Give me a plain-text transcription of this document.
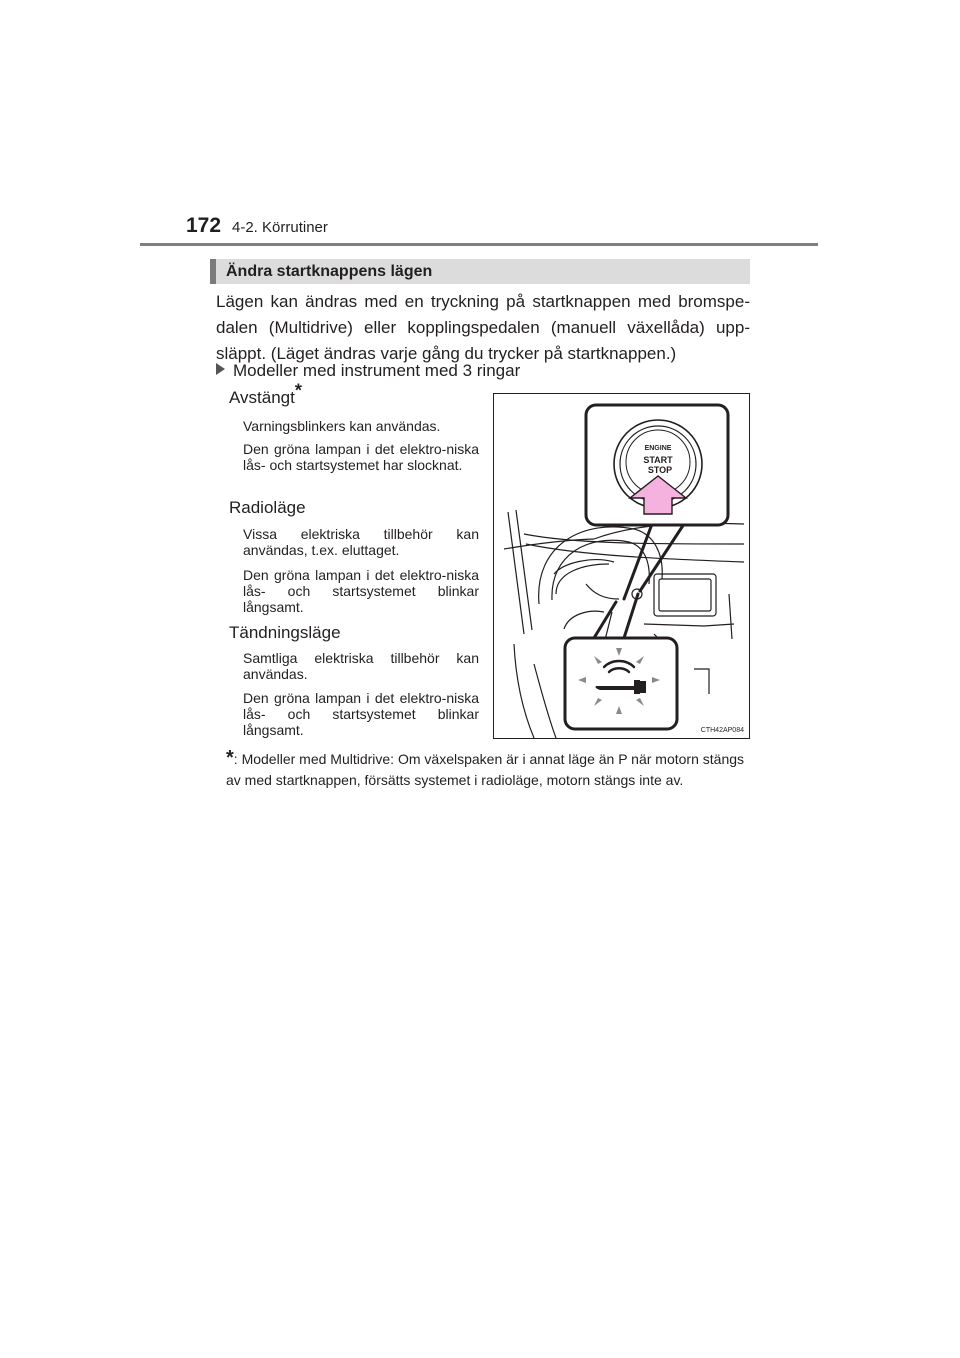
172 4-2. Körrutiner
Ändra startknappens lägen

Lägen kan ändras med en tryckning på startknappen med bromspe-dalen (Multidrive) eller kopplingspedalen (manuell växellåda) upp-släppt. (Läget ändras varje gång du trycker på startknappen.)

Modeller med instrument med 3 ringar
Avstängt*

Varningsblinkers kan användas.

Den gröna lampan i det elektro-niska lås- och startsystemet har slocknat.

Radioläge

Vissa elektriska tillbehör kan användas, t.ex. eluttaget.

Den gröna lampan i det elektro-niska lås- och startsystemet blinkar långsamt.

Tändningsläge

Samtliga elektriska tillbehör kan användas.

Den gröna lampan i det elektro-niska lås- och startsystemet blinkar långsamt.

ENGINE
START
STOP
CTH42AP084
*: Modeller med Multidrive: Om växelspaken är i annat läge än P när motorn stängs av med startknappen, försätts systemet i radioläge, motorn stängs inte av.
